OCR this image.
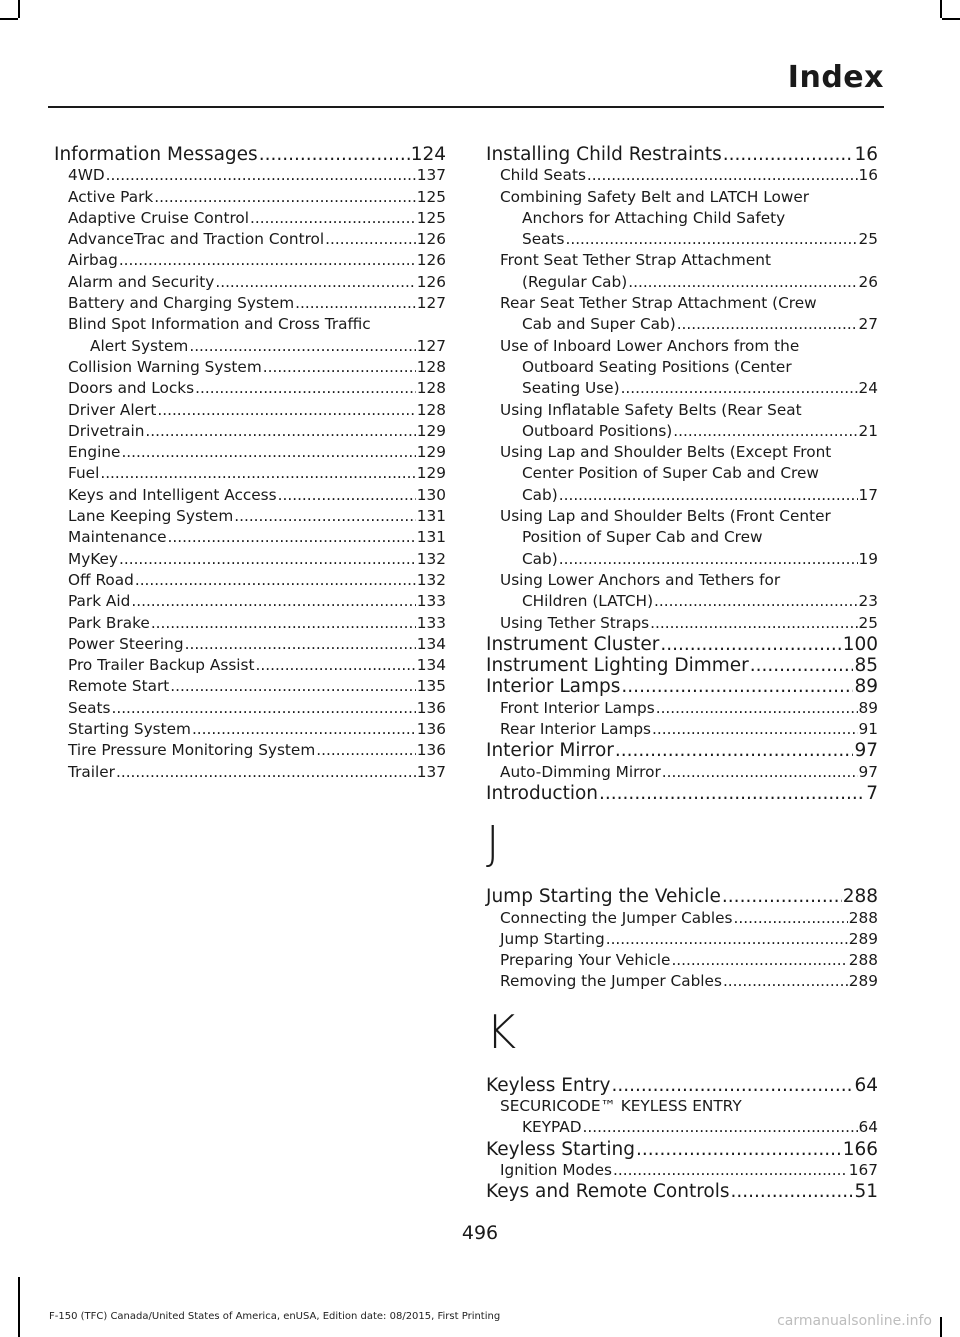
Index
Information Messages .....	124
4WD .....	137
Active Park .....	125
Adaptive Cruise Control .....	125
AdvanceTrac and Traction Control .....	126
Airbag .....	126
Alarm and Security .....	126
Battery and Charging System .....	127
Blind Spot Information and Cross Traffic
Alert System .....	127
Collision Warning System .....	128
Doors and Locks .....	128
Driver Alert .....	128
Drivetrain .....	129
Engine .....	129
Fuel .....	129
Keys and Intelligent Access .....	130
Lane Keeping System .....	131
Maintenance .....	131
MyKey .....	132
Off Road .....	132
Park Aid .....	133
Park Brake .....	133
Power Steering .....	134
Pro Trailer Backup Assist .....	134
Remote Start .....	135
Seats .....	136
Starting System .....	136
Tire Pressure Monitoring System .....	136
Trailer .....	137
Installing Child Restraints .....	16
Child Seats .....	16
Combining Safety Belt and LATCH Lower
Anchors for Attaching Child Safety
Seats .....	25
Front Seat Tether Strap Attachment
(Regular Cab) .....	26
Rear Seat Tether Strap Attachment (Crew
Cab and Super Cab) .....	27
Use of Inboard Lower Anchors from the
Outboard Seating Positions (Center
Seating Use) .....	24
Using Inflatable Safety Belts (Rear Seat
Outboard Positions) .....	21
Using Lap and Shoulder Belts (Except Front
Center Position of Super Cab and Crew
Cab) .....	17
Using Lap and Shoulder Belts (Front Center
Position of Super Cab and Crew
Cab) .....	19
Using Lower Anchors and Tethers for
CHildren (LATCH) .....	23
Using Tether Straps .....	25
Instrument Cluster .....	100
Instrument Lighting Dimmer .....	85
Interior Lamps .....	89
Front Interior Lamps .....	89
Rear Interior Lamps .....	91
Interior Mirror .....	97
Auto-Dimming Mirror .....	97
Introduction .....	7
J
Jump Starting the Vehicle .....	288
Connecting the Jumper Cables .....	288
Jump Starting .....	289
Preparing Your Vehicle .....	288
Removing the Jumper Cables .....	289
K
Keyless Entry .....	64
SECURICODE™ KEYLESS ENTRY
KEYPAD .....	64
Keyless Starting .....	166
Ignition Modes .....	167
Keys and Remote Controls .....	51
496
F-150 (TFC) Canada/United States of America, enUSA, Edition date: 08/2015, First Printing	carmanualsonline.info
